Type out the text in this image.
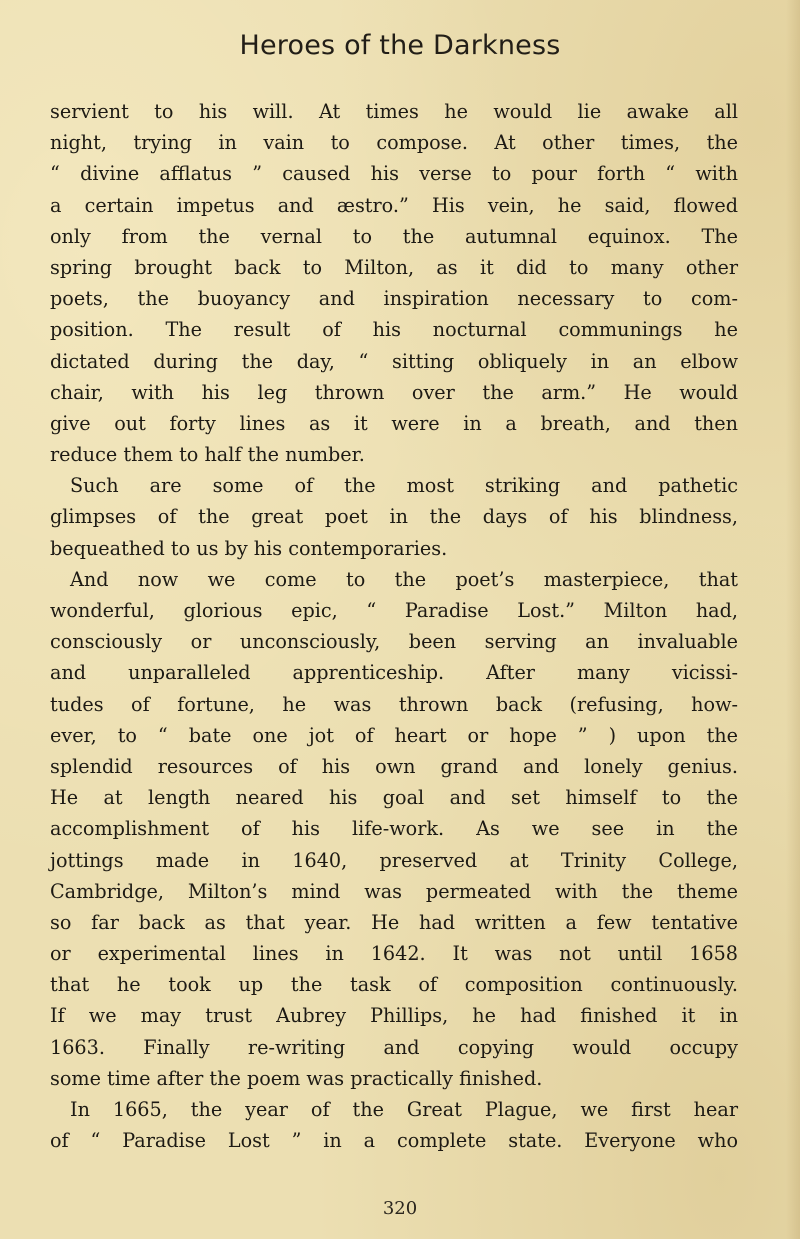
Heroes of the Darkness
servient to his will. At times he would lie awake all
night, trying in vain to compose. At other times, the
“ divine afflatus ” caused his verse to pour forth “ with
a certain impetus and æstro.” His vein, he said, flowed
only from the vernal to the autumnal equinox. The
spring brought back to Milton, as it did to many other
poets, the buoyancy and inspiration necessary to com-
position. The result of his nocturnal communings he
dictated during the day, “ sitting obliquely in an elbow
chair, with his leg thrown over the arm.” He would
give out forty lines as it were in a breath, and then
reduce them to half the number.
Such are some of the most striking and pathetic
glimpses of the great poet in the days of his blindness,
bequeathed to us by his contemporaries.
And now we come to the poet’s masterpiece, that
wonderful, glorious epic, “ Paradise Lost.” Milton had,
consciously or unconsciously, been serving an invaluable
and unparalleled apprenticeship. After many vicissi-
tudes of fortune, he was thrown back (refusing, how-
ever, to “ bate one jot of heart or hope ” ) upon the
splendid resources of his own grand and lonely genius.
He at length neared his goal and set himself to the
accomplishment of his life-work. As we see in the
jottings made in 1640, preserved at Trinity College,
Cambridge, Milton’s mind was permeated with the theme
so far back as that year. He had written a few tentative
or experimental lines in 1642. It was not until 1658
that he took up the task of composition continuously.
If we may trust Aubrey Phillips, he had finished it in
1663. Finally re-writing and copying would occupy
some time after the poem was practically finished.
In 1665, the year of the Great Plague, we first hear
of “ Paradise Lost ” in a complete state. Everyone who
320
